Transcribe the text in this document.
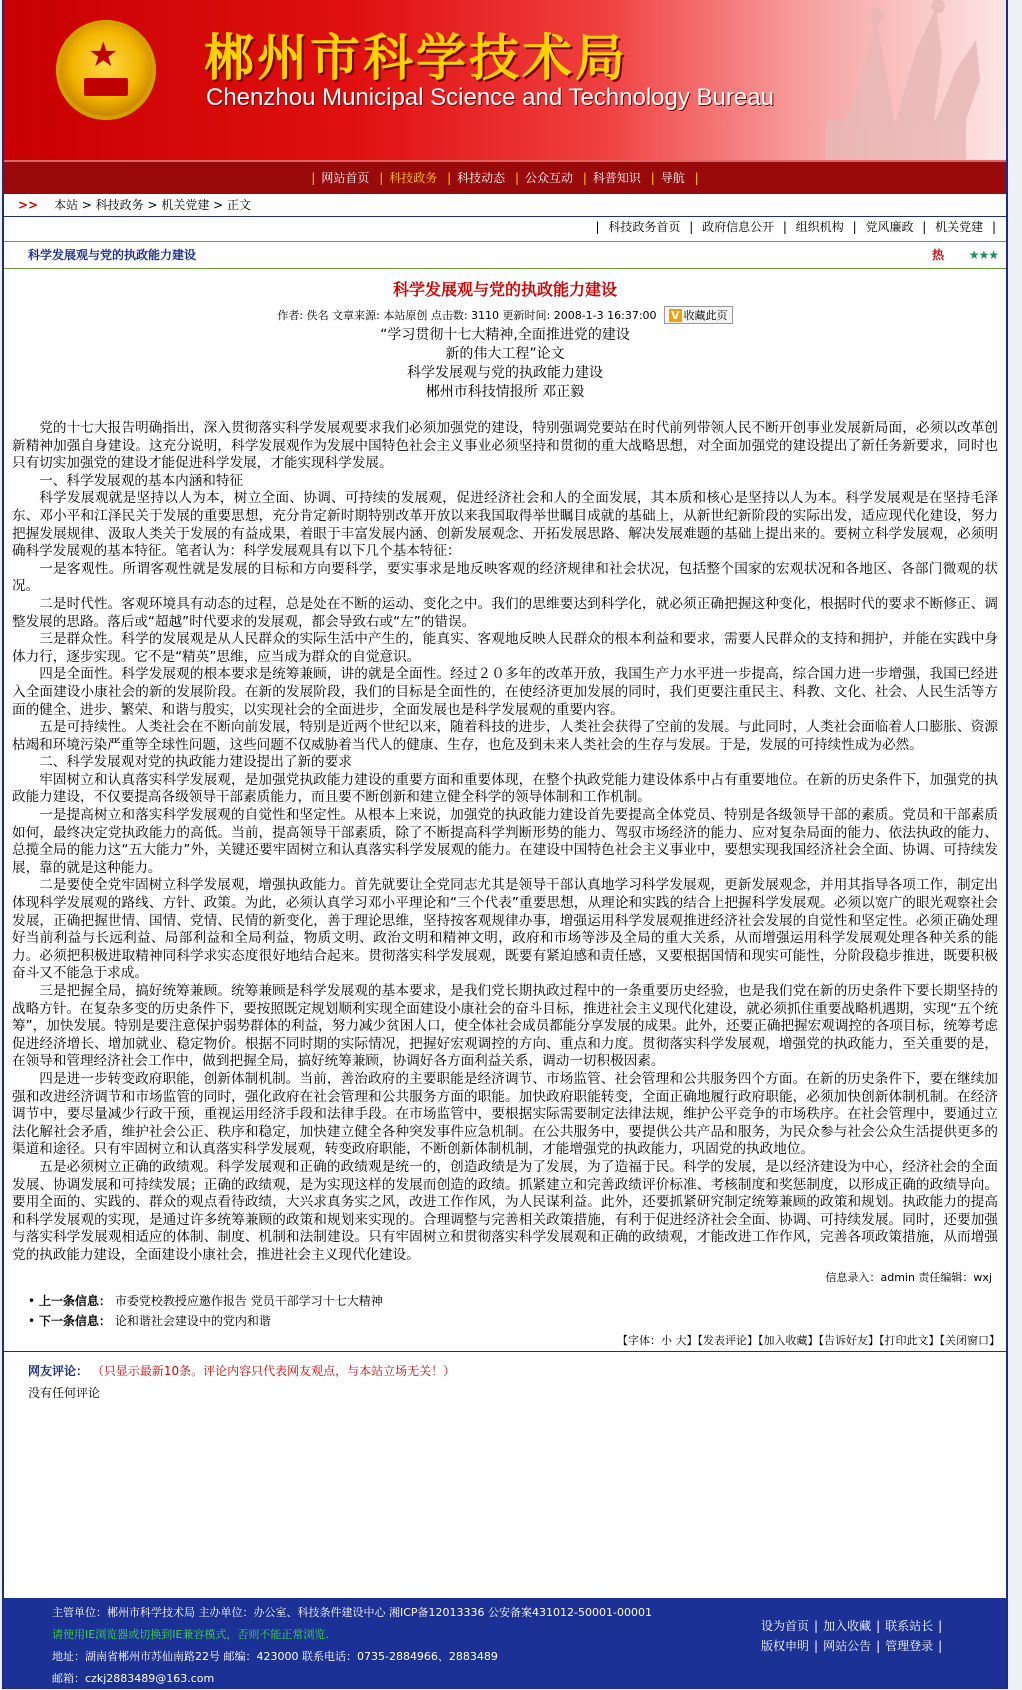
★ 郴州市科学技术局
Chenzhou Municipal Science and Technology Bureau
| 网站首页 | 科技政务 | 科技动态 | 公众互动 | 科普知识 | 导航 |
>> 本站 > 科技政务 > 机关党建 > 正文
| 科技政务首页 | 政府信息公开 | 组织机构 | 党风廉政 | 机关党建 |
科学发展观与党的执政能力建设	热 ★★★
科学发展观与党的执政能力建设
作者: 佚名 文章来源: 本站原创 点击数: 3110 更新时间: 2008-1-3 16:37:00 V 收藏此页
“学习贯彻十七大精神,全面推进党的建设
新的伟大工程”论文
科学发展观与党的执政能力建设
郴州市科技情报所 邓正毅

党的十七大报告明确指出，深入贯彻落实科学发展观要求我们必须加强党的建设，特别强调党要站在时代前列带领人民不断开创事业发展新局面，必须以改革创新精神加强自身建设。这充分说明，科学发展观作为发展中国特色社会主义事业必须坚持和贯彻的重大战略思想，对全面加强党的建设提出了新任务新要求，同时也只有切实加强党的建设才能促进科学发展，才能实现科学发展。

一、科学发展观的基本内涵和特征

科学发展观就是坚持以人为本，树立全面、协调、可持续的发展观，促进经济社会和人的全面发展，其本质和核心是坚持以人为本。科学发展观是在坚持毛泽东、邓小平和江泽民关于发展的重要思想，充分肯定新时期特别改革开放以来我国取得举世瞩目成就的基础上，从新世纪新阶段的实际出发，适应现代化建设，努力把握发展规律、汲取人类关于发展的有益成果，着眼于丰富发展内涵、创新发展观念、开拓发展思路、解决发展难题的基础上提出来的。要树立科学发展观，必须明确科学发展观的基本特征。笔者认为：科学发展观具有以下几个基本特征：

一是客观性。所谓客观性就是发展的目标和方向要科学，要实事求是地反映客观的经济规律和社会状况，包括整个国家的宏观状况和各地区、各部门微观的状况。

二是时代性。客观环境具有动态的过程，总是处在不断的运动、变化之中。我们的思维要达到科学化，就必须正确把握这种变化，根据时代的要求不断修正、调整发展的思路。落后或“超越”时代要求的发展观，都会导致右或“左”的错误。

三是群众性。科学的发展观是从人民群众的实际生活中产生的，能真实、客观地反映人民群众的根本利益和要求，需要人民群众的支持和拥护，并能在实践中身体力行，逐步实现。它不是“精英”思维，应当成为群众的自觉意识。

四是全面性。科学发展观的根本要求是统筹兼顾，讲的就是全面性。经过２０多年的改革开放，我国生产力水平进一步提高，综合国力进一步增强，我国已经进入全面建设小康社会的新的发展阶段。在新的发展阶段，我们的目标是全面性的，在使经济更加发展的同时，我们更要注重民主、科教、文化、社会、人民生活等方面的健全、进步、繁荣、和谐与殷实，以实现社会的全面进步，全面发展也是科学发展观的重要内容。

五是可持续性。人类社会在不断向前发展，特别是近两个世纪以来，随着科技的进步，人类社会获得了空前的发展。与此同时，人类社会面临着人口膨胀、资源枯竭和环境污染严重等全球性问题，这些问题不仅威胁着当代人的健康、生存，也危及到未来人类社会的生存与发展。于是，发展的可持续性成为必然。

二、科学发展观对党的执政能力建设提出了新的要求

牢固树立和认真落实科学发展观，是加强党执政能力建设的重要方面和重要体现，在整个执政党能力建设体系中占有重要地位。在新的历史条件下，加强党的执政能力建设，不仅要提高各级领导干部素质能力，而且要不断创新和建立健全科学的领导体制和工作机制。

一是提高树立和落实科学发展观的自觉性和坚定性。从根本上来说，加强党的执政能力建设首先要提高全体党员、特别是各级领导干部的素质。党员和干部素质如何，最终决定党执政能力的高低。当前，提高领导干部素质，除了不断提高科学判断形势的能力、驾驭市场经济的能力、应对复杂局面的能力、依法执政的能力、总揽全局的能力这“五大能力”外，关键还要牢固树立和认真落实科学发展观的能力。在建设中国特色社会主义事业中，要想实现我国经济社会全面、协调、可持续发展，靠的就是这种能力。

二是要使全党牢固树立科学发展观，增强执政能力。首先就要让全党同志尤其是领导干部认真地学习科学发展观，更新发展观念，并用其指导各项工作，制定出体现科学发展观的路线、方针、政策。为此，必须认真学习邓小平理论和“三个代表”重要思想，从理论和实践的结合上把握科学发展观。必须以宽广的眼光观察社会发展，正确把握世情、国情、党情、民情的新变化，善于理论思维，坚持按客观规律办事，增强运用科学发展观推进经济社会发展的自觉性和坚定性。必须正确处理好当前利益与长远利益、局部利益和全局利益，物质文明、政治文明和精神文明，政府和市场等涉及全局的重大关系，从而增强运用科学发展观处理各种关系的能力。必须把积极进取精神同科学求实态度很好地结合起来。贯彻落实科学发展观，既要有紧迫感和责任感，又要根据国情和现实可能性，分阶段稳步推进，既要积极奋斗又不能急于求成。

三是把握全局，搞好统筹兼顾。统筹兼顾是科学发展观的基本要求，是我们党长期执政过程中的一条重要历史经验，也是我们党在新的历史条件下要长期坚持的战略方针。在复杂多变的历史条件下，要按照既定规划顺利实现全面建设小康社会的奋斗目标，推进社会主义现代化建设，就必须抓住重要战略机遇期，实现“五个统筹”，加快发展。特别是要注意保护弱势群体的利益，努力减少贫困人口，使全体社会成员都能分享发展的成果。此外，还要正确把握宏观调控的各项目标，统筹考虑促进经济增长、增加就业、稳定物价。根据不同时期的实际情况，把握好宏观调控的方向、重点和力度。贯彻落实科学发展观，增强党的执政能力，至关重要的是，在领导和管理经济社会工作中，做到把握全局，搞好统筹兼顾，协调好各方面利益关系，调动一切积极因素。

四是进一步转变政府职能，创新体制机制。当前，善治政府的主要职能是经济调节、市场监管、社会管理和公共服务四个方面。在新的历史条件下，要在继续加强和改进经济调节和市场监管的同时，强化政府在社会管理和公共服务方面的职能。加快政府职能转变，全面正确地履行政府职能，必须加快创新体制机制。在经济调节中，要尽量减少行政干预，重视运用经济手段和法律手段。在市场监管中，要根据实际需要制定法律法规，维护公平竞争的市场秩序。在社会管理中，要通过立法化解社会矛盾，维护社会公正、秩序和稳定，加快建立健全各种突发事件应急机制。在公共服务中，要提供公共产品和服务，为民众参与社会公众生活提供更多的渠道和途径。只有牢固树立和认真落实科学发展观，转变政府职能，不断创新体制机制，才能增强党的执政能力，巩固党的执政地位。

五是必须树立正确的政绩观。科学发展观和正确的政绩观是统一的，创造政绩是为了发展，为了造福于民。科学的发展，是以经济建设为中心，经济社会的全面发展、协调发展和可持续发展；正确的政绩观，是为实现这样的发展而创造的政绩。抓紧建立和完善政绩评价标准、考核制度和奖惩制度，以形成正确的政绩导向。要用全面的、实践的、群众的观点看待政绩，大兴求真务实之风，改进工作作风，为人民谋利益。此外，还要抓紧研究制定统筹兼顾的政策和规划。执政能力的提高和科学发展观的实现，是通过许多统筹兼顾的政策和规划来实现的。合理调整与完善相关政策措施，有利于促进经济社会全面、协调、可持续发展。同时，还要加强与落实科学发展观相适应的体制、制度、机制和法制建设。只有牢固树立和贯彻落实科学发展观和正确的政绩观，才能改进工作作风，完善各项政策措施，从而增强党的执政能力建设，全面建设小康社会，推进社会主义现代化建设。

信息录入：admin 责任编辑：wxj
• 上一条信息： 市委党校教授应邀作报告 党员干部学习十七大精神
• 下一条信息： 论和谐社会建设中的党内和谐
【字体：小 大】【发表评论】【加入收藏】【告诉好友】【打印此文】【关闭窗口】
网友评论： （只显示最新10条。评论内容只代表网友观点，与本站立场无关！）
没有任何评论
主管单位：郴州市科学技术局 主办单位：办公室、科技条件建设中心 湘ICP备12013336 公安备案431012-50001-00001
请使用IE浏览器或切换到IE兼容模式，否则不能正常浏览.
地址：湖南省郴州市苏仙南路22号 邮编：423000 联系电话：0735-2884966、2883489
邮箱：czkj2883489@163.com
设为首页 | 加入收藏 | 联系站长 |
版权申明 | 网站公告 | 管理登录 |
